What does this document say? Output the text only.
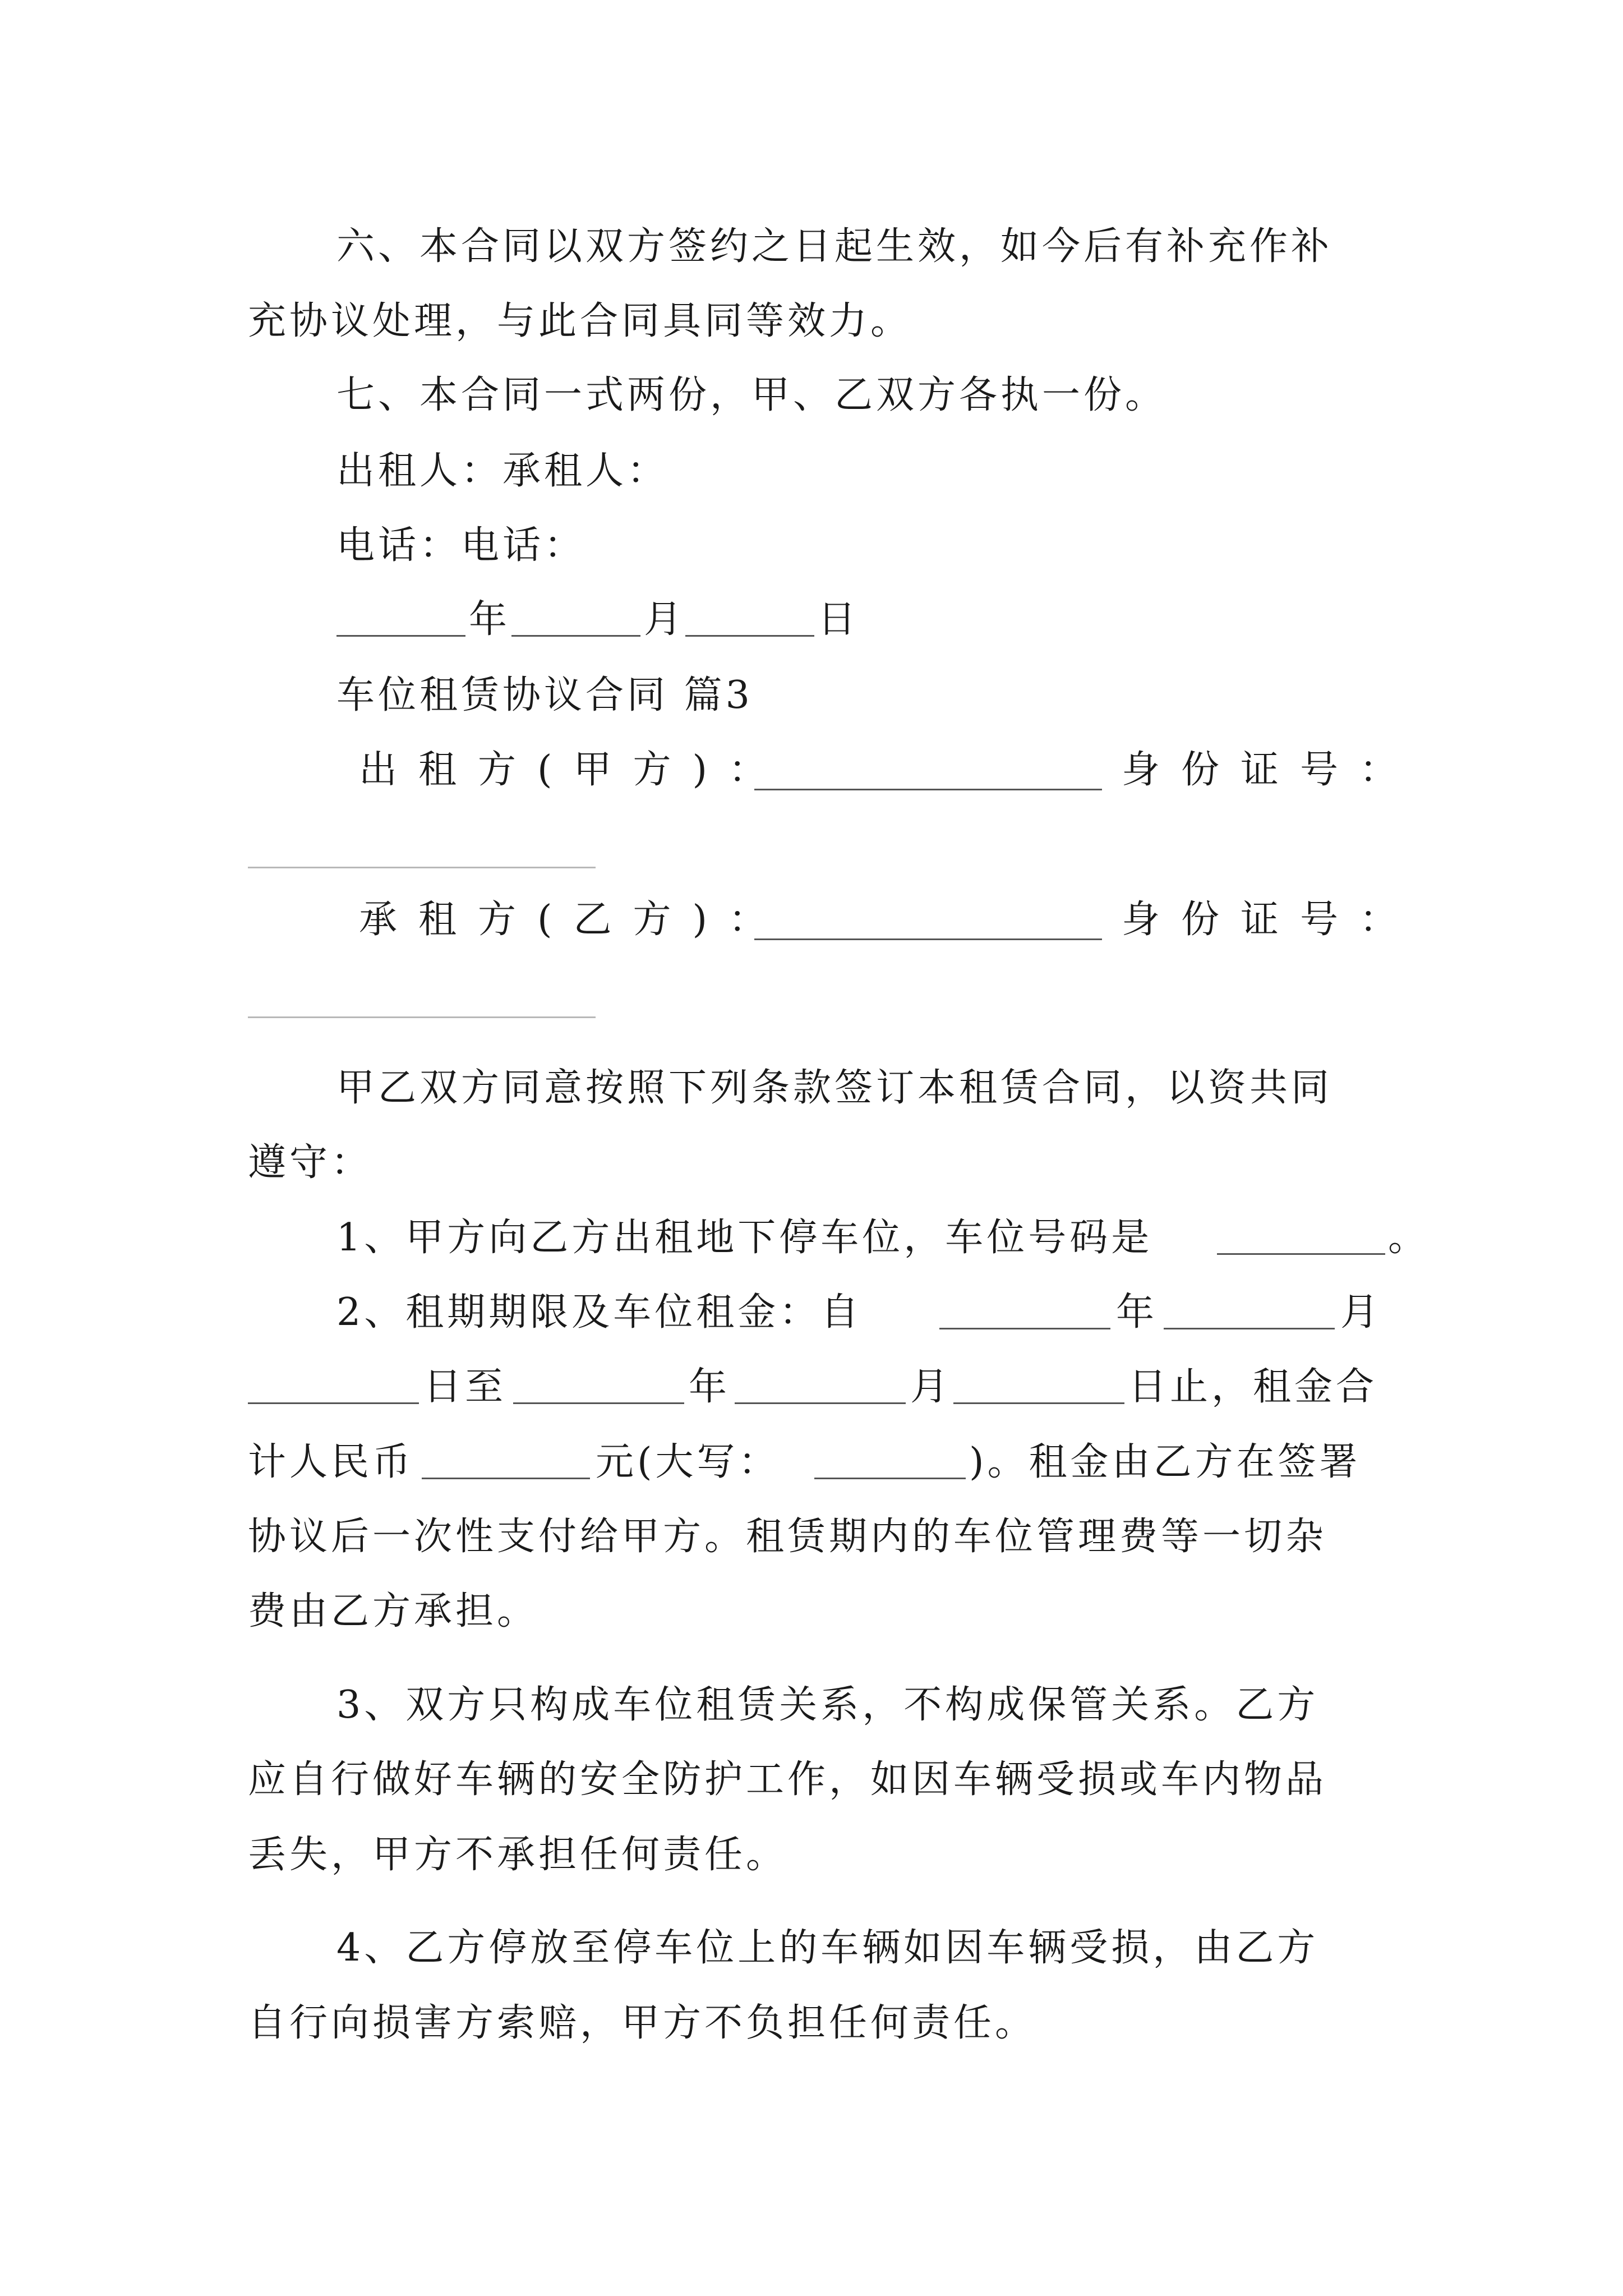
六、本合同以双方签约之日起生效，如今后有补充作补
充协议处理，与此合同具同等效力。
七、本合同一式两份，甲、乙双方各执一份。
出租人：承租人：
电话：电话：
年	月	日
车位租赁协议合同 篇3
出租方(甲方)：	身份证号：
承租方(乙方)：	身份证号：
甲乙双方同意按照下列条款签订本租赁合同，以资共同
遵守：
1、甲方向乙方出租地下停车位，车位号码是	。
2、租期期限及车位租金：自	年	月
日至	年	月	日止，租金合
计人民币	元(大写：	)。租金由乙方在签署
协议后一次性支付给甲方。租赁期内的车位管理费等一切杂
费由乙方承担。
3、双方只构成车位租赁关系，不构成保管关系。乙方
应自行做好车辆的安全防护工作，如因车辆受损或车内物品
丢失，甲方不承担任何责任。
4、乙方停放至停车位上的车辆如因车辆受损，由乙方
自行向损害方索赔，甲方不负担任何责任。
